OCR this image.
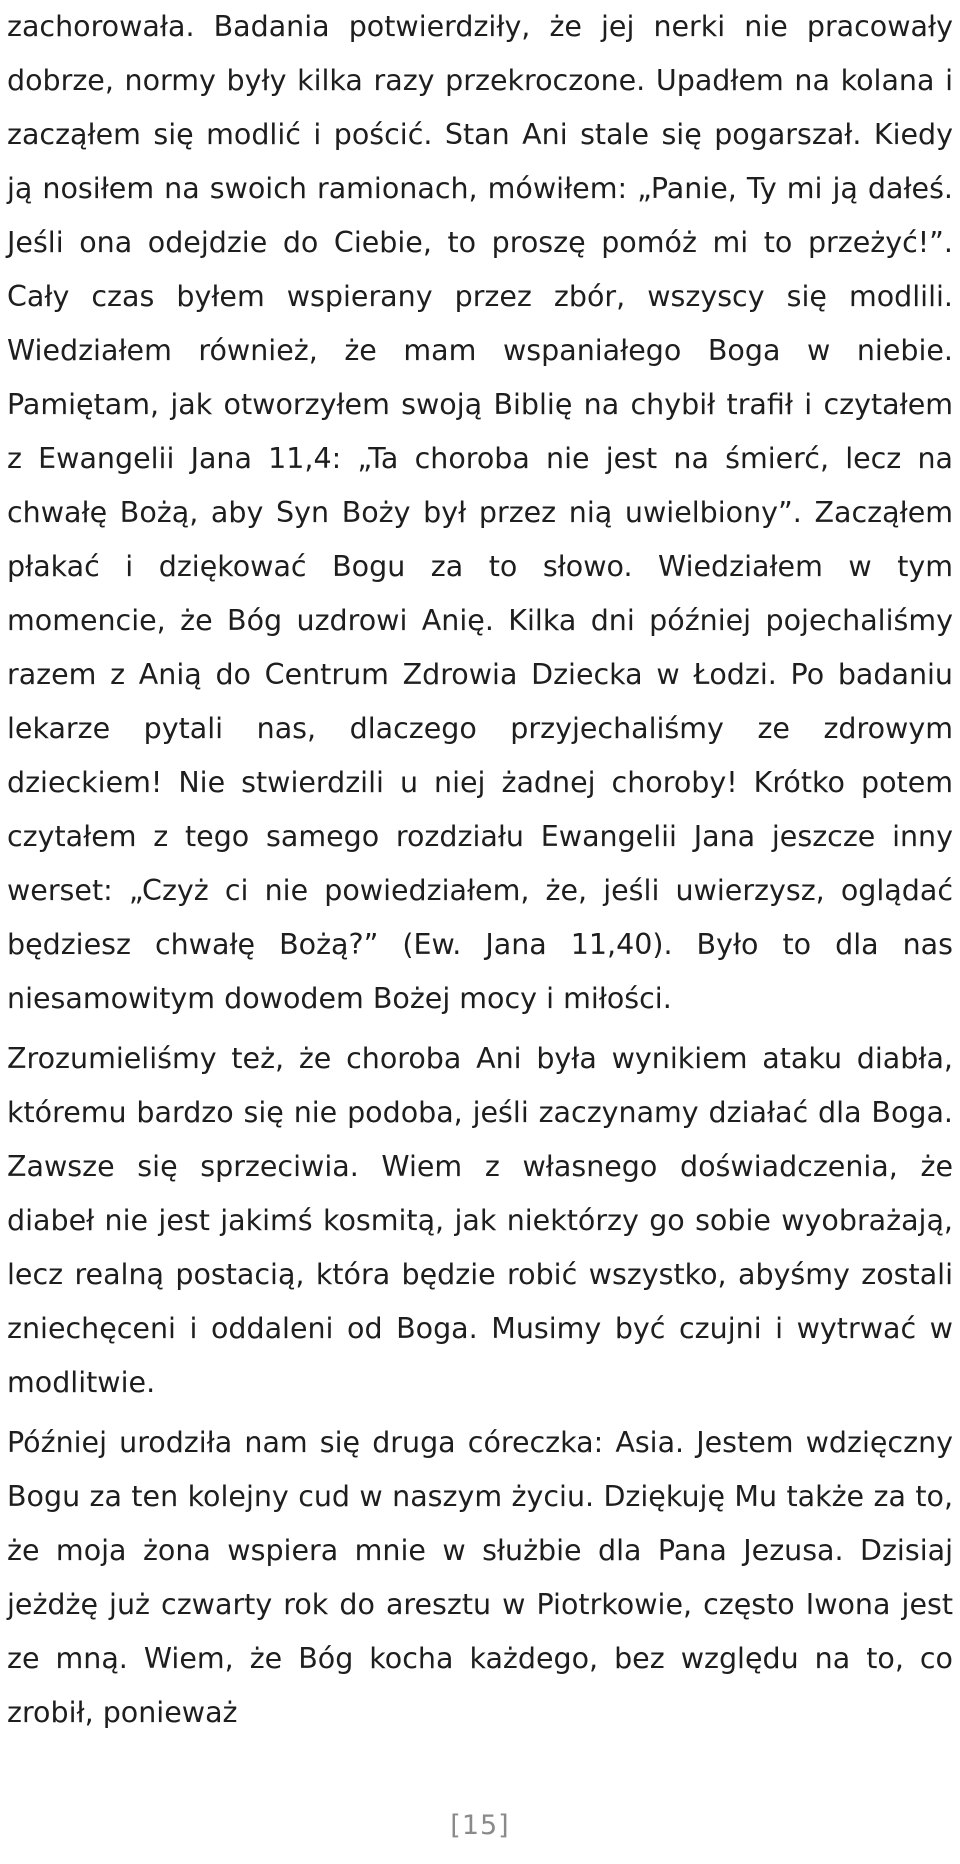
zachorowała. Badania potwierdziły, że jej nerki nie pracowały dobrze, normy były kilka razy przekroczone. Upadłem na kolana i zacząłem się modlić i pościć. Stan Ani stale się pogarszał. Kiedy ją nosiłem na swoich ramionach, mówiłem: „Panie, Ty mi ją dałeś. Jeśli ona odejdzie do Ciebie, to proszę pomóż mi to przeżyć!”. Cały czas byłem wspierany przez zbór, wszyscy się modlili. Wiedziałem również, że mam wspaniałego Boga w niebie. Pamiętam, jak otworzyłem swoją Biblię na chybił trafił i czytałem z Ewangelii Jana 11,4: „Ta choroba nie jest na śmierć, lecz na chwałę Bożą, aby Syn Boży był przez nią uwielbiony”. Zacząłem płakać i dziękować Bogu za to słowo. Wiedziałem w tym momencie, że Bóg uzdrowi Anię. Kilka dni później pojechaliśmy razem z Anią do Centrum Zdrowia Dziecka w Łodzi. Po badaniu lekarze pytali nas, dlaczego przyjechaliśmy ze zdrowym dzieckiem! Nie stwierdzili u niej żadnej choroby! Krótko potem czytałem z tego samego rozdziału Ewangelii Jana jeszcze inny werset: „Czyż ci nie powiedziałem, że, jeśli uwierzysz, oglądać będziesz chwałę Bożą?” (Ew. Jana 11,40). Było to dla nas niesamowitym dowodem Bożej mocy i miłości.

Zrozumieliśmy też, że choroba Ani była wynikiem ataku diabła, któremu bardzo się nie podoba, jeśli zaczynamy działać dla Boga. Zawsze się sprzeciwia. Wiem z własnego doświadczenia, że diabeł nie jest jakimś kosmitą, jak niektórzy go sobie wyobrażają, lecz realną postacią, która będzie robić wszystko, abyśmy zostali zniechęceni i oddaleni od Boga. Musimy być czujni i wytrwać w modlitwie.

Później urodziła nam się druga córeczka: Asia. Jestem wdzięczny Bogu za ten kolejny cud w naszym życiu. Dziękuję Mu także za to, że moja żona wspiera mnie w służbie dla Pana Jezusa. Dzisiaj jeżdżę już czwarty rok do aresztu w Piotrkowie, często Iwona jest ze mną. Wiem, że Bóg kocha każdego, bez względu na to, co zrobił, ponieważ

[15]
